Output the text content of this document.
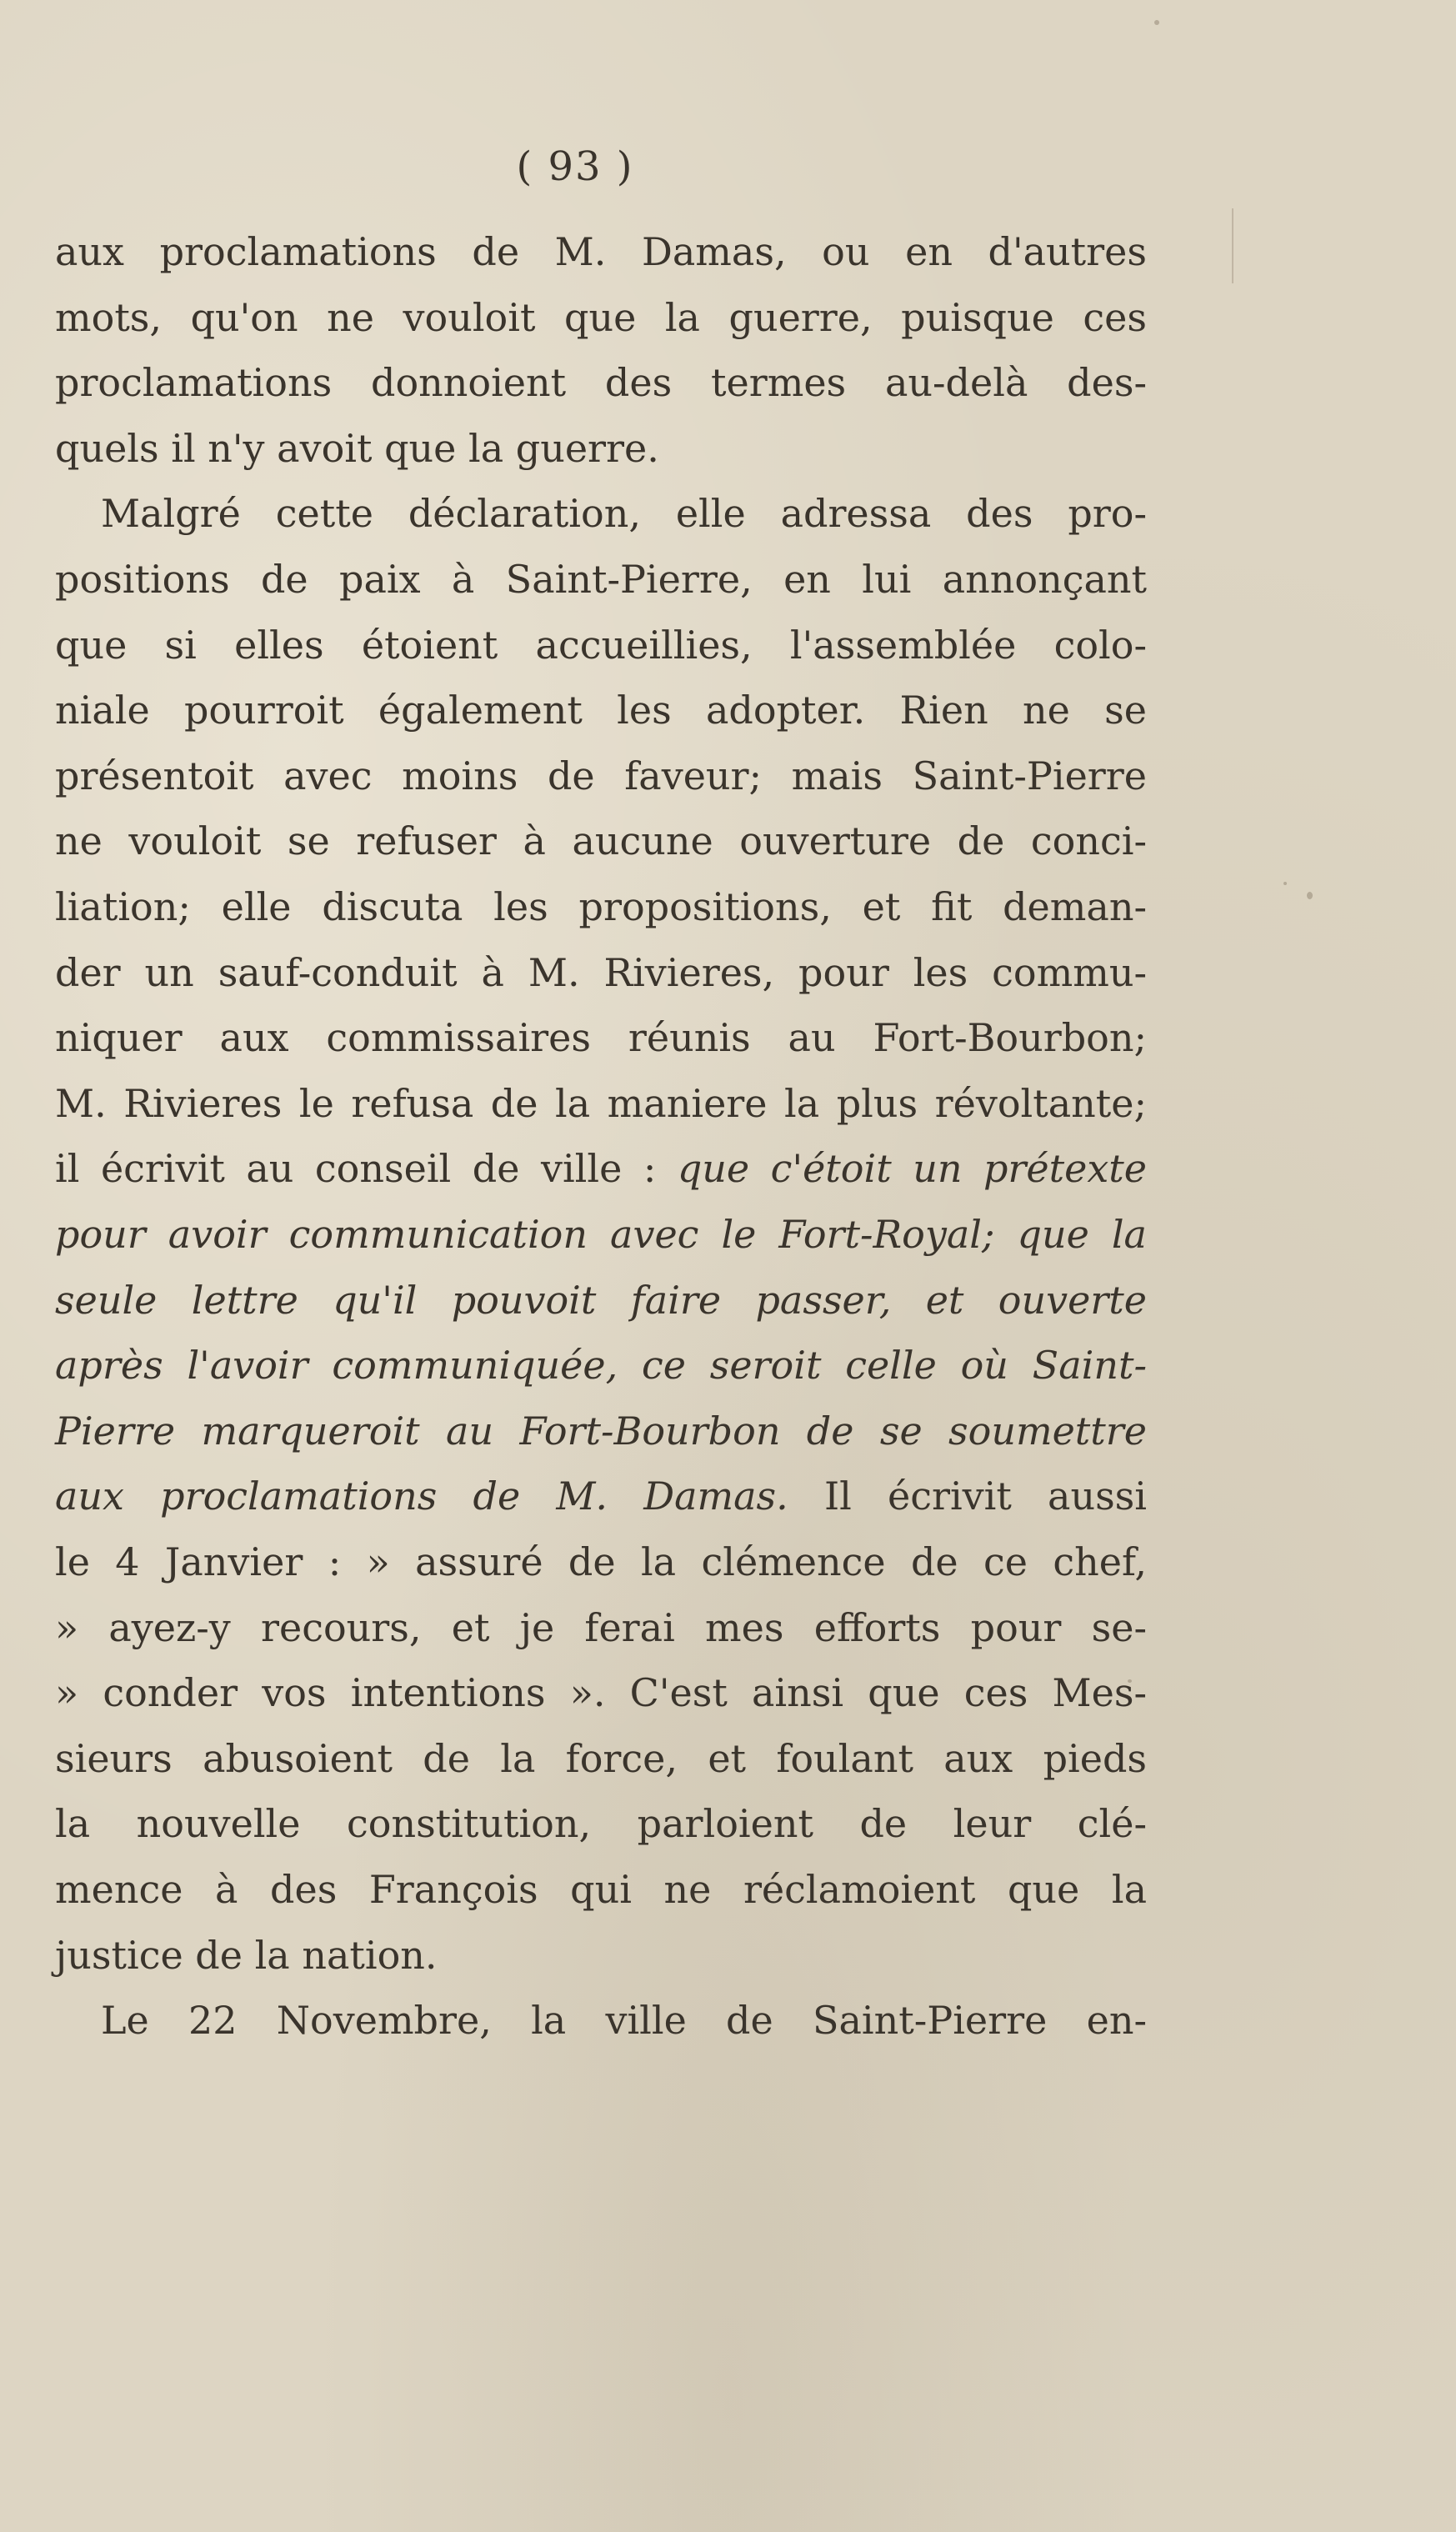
( 93 )
aux proclamations de M. Damas, ou en d'autres
mots, qu'on ne vouloit que la guerre, puisque ces
proclamations donnoient des termes au-delà des-
quels il n'y avoit que la guerre.
Malgré cette déclaration, elle adressa des pro-
positions de paix à Saint-Pierre, en lui annonçant
que si elles étoient accueillies, l'assemblée colo-
niale pourroit également les adopter. Rien ne se
présentoit avec moins de faveur; mais Saint-Pierre
ne vouloit se refuser à aucune ouverture de conci-
liation; elle discuta les propositions, et fit deman-
der un sauf-conduit à M. Rivieres, pour les commu-
niquer aux commissaires réunis au Fort-Bourbon;
M. Rivieres le refusa de la maniere la plus révoltante;
il écrivit au conseil de ville : que c'étoit un prétexte
pour avoir communication avec le Fort-Royal; que la
seule lettre qu'il pouvoit faire passer, et ouverte
après l'avoir communiquée, ce seroit celle où Saint-
Pierre marqueroit au Fort-Bourbon de se soumettre
aux proclamations de M. Damas. Il écrivit aussi
le 4 Janvier : » assuré de la clémence de ce chef,
» ayez-y recours, et je ferai mes efforts pour se-
» conder vos intentions ». C'est ainsi que ces Mes-
sieurs abusoient de la force, et foulant aux pieds
la nouvelle constitution, parloient de leur clé-
mence à des François qui ne réclamoient que la
justice de la nation.
Le 22 Novembre, la ville de Saint-Pierre en-
